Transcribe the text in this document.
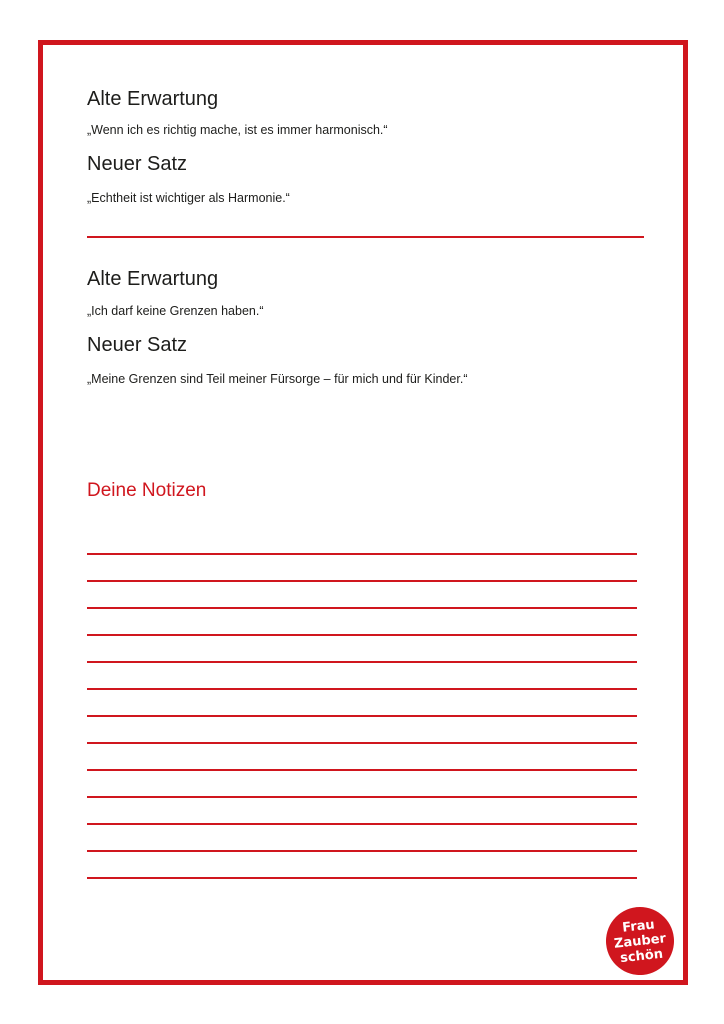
Alte Erwartung

„Wenn ich es richtig mache, ist es immer harmonisch.“

Neuer Satz

„Echtheit ist wichtiger als Harmonie.“

Alte Erwartung

„Ich darf keine Grenzen haben.“

Neuer Satz

„Meine Grenzen sind Teil meiner Fürsorge – für mich und für Kinder.“

Deine Notizen
Frau
Zauber
schön
